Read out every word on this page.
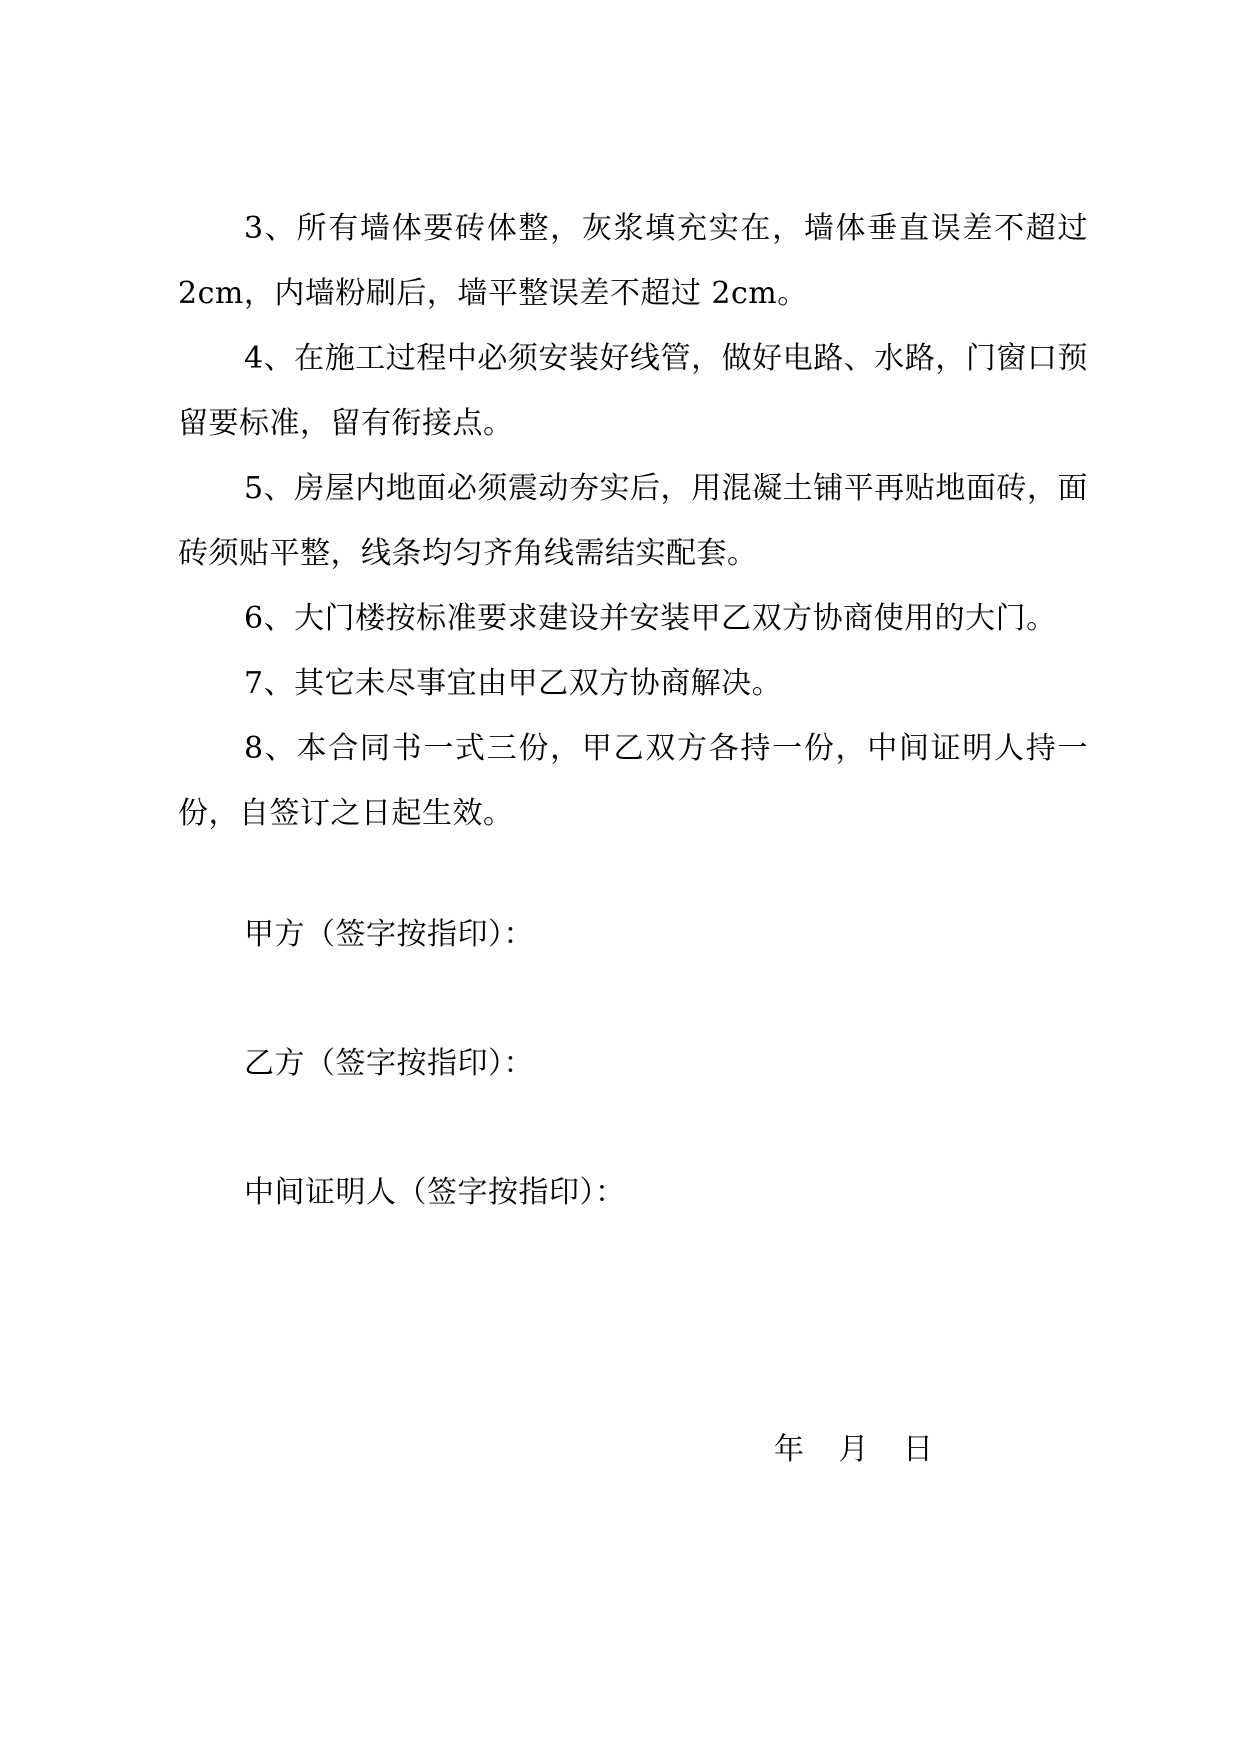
3、所有墙体要砖体整，灰浆填充实在，墙体垂直误差不超过 2cm，内墙粉刷后，墙平整误差不超过 2cm。

4、在施工过程中必须安装好线管，做好电路、水路，门窗口预留要标准，留有衔接点。

5、房屋内地面必须震动夯实后，用混凝土铺平再贴地面砖，面砖须贴平整，线条均匀齐角线需结实配套。

6、大门楼按标准要求建设并安装甲乙双方协商使用的大门。

7、其它未尽事宜由甲乙双方协商解决。

8、本合同书一式三份，甲乙双方各持一份，中间证明人持一份，自签订之日起生效。

甲方（签字按指印）：
乙方（签字按指印）：
中间证明人（签字按指印）：
年 月 日
